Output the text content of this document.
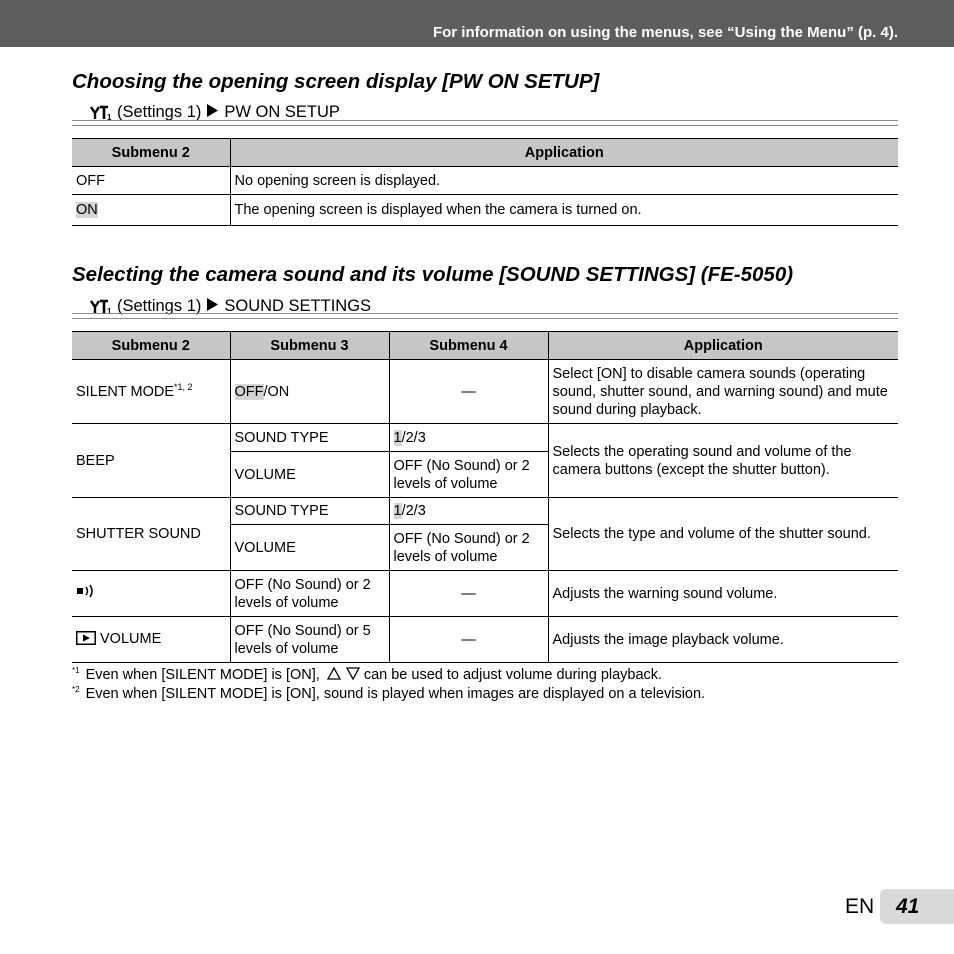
For information on using the menus, see “Using the Menu” (p. 4).
Choosing the opening screen display [PW ON SETUP]
1 (Settings 1) PW ON SETUP
Submenu 2	Application
OFF	No opening screen is displayed.
ON	The opening screen is displayed when the camera is turned on.
Selecting the camera sound and its volume [SOUND SETTINGS] (FE-5050)
1 (Settings 1) SOUND SETTINGS
Submenu 2	Submenu 3	Submenu 4	Application
SILENT MODE$^{*1, 2}$	OFF/ON	—	Select [ON] to disable camera sounds (operating sound, shutter sound, and warning sound) and mute sound during playback.
BEEP	SOUND TYPE	1/2/3	Selects the operating sound and volume of the camera buttons (except the shutter button).
	VOLUME	OFF (No Sound) or 2 levels of volume	
SHUTTER SOUND	SOUND TYPE	1/2/3	Selects the type and volume of the shutter sound.
	VOLUME	OFF (No Sound) or 2 levels of volume	
	OFF (No Sound) or 2 levels of volume	—	Adjusts the warning sound volume.
VOLUME	OFF (No Sound) or 5 levels of volume	—	Adjusts the image playback volume.
$^{*1}$ Even when [SILENT MODE] is [ON],	can be used to adjust volume during playback.
$^{*2}$ Even when [SILENT MODE] is [ON], sound is played when images are displayed on a television.
EN	41
